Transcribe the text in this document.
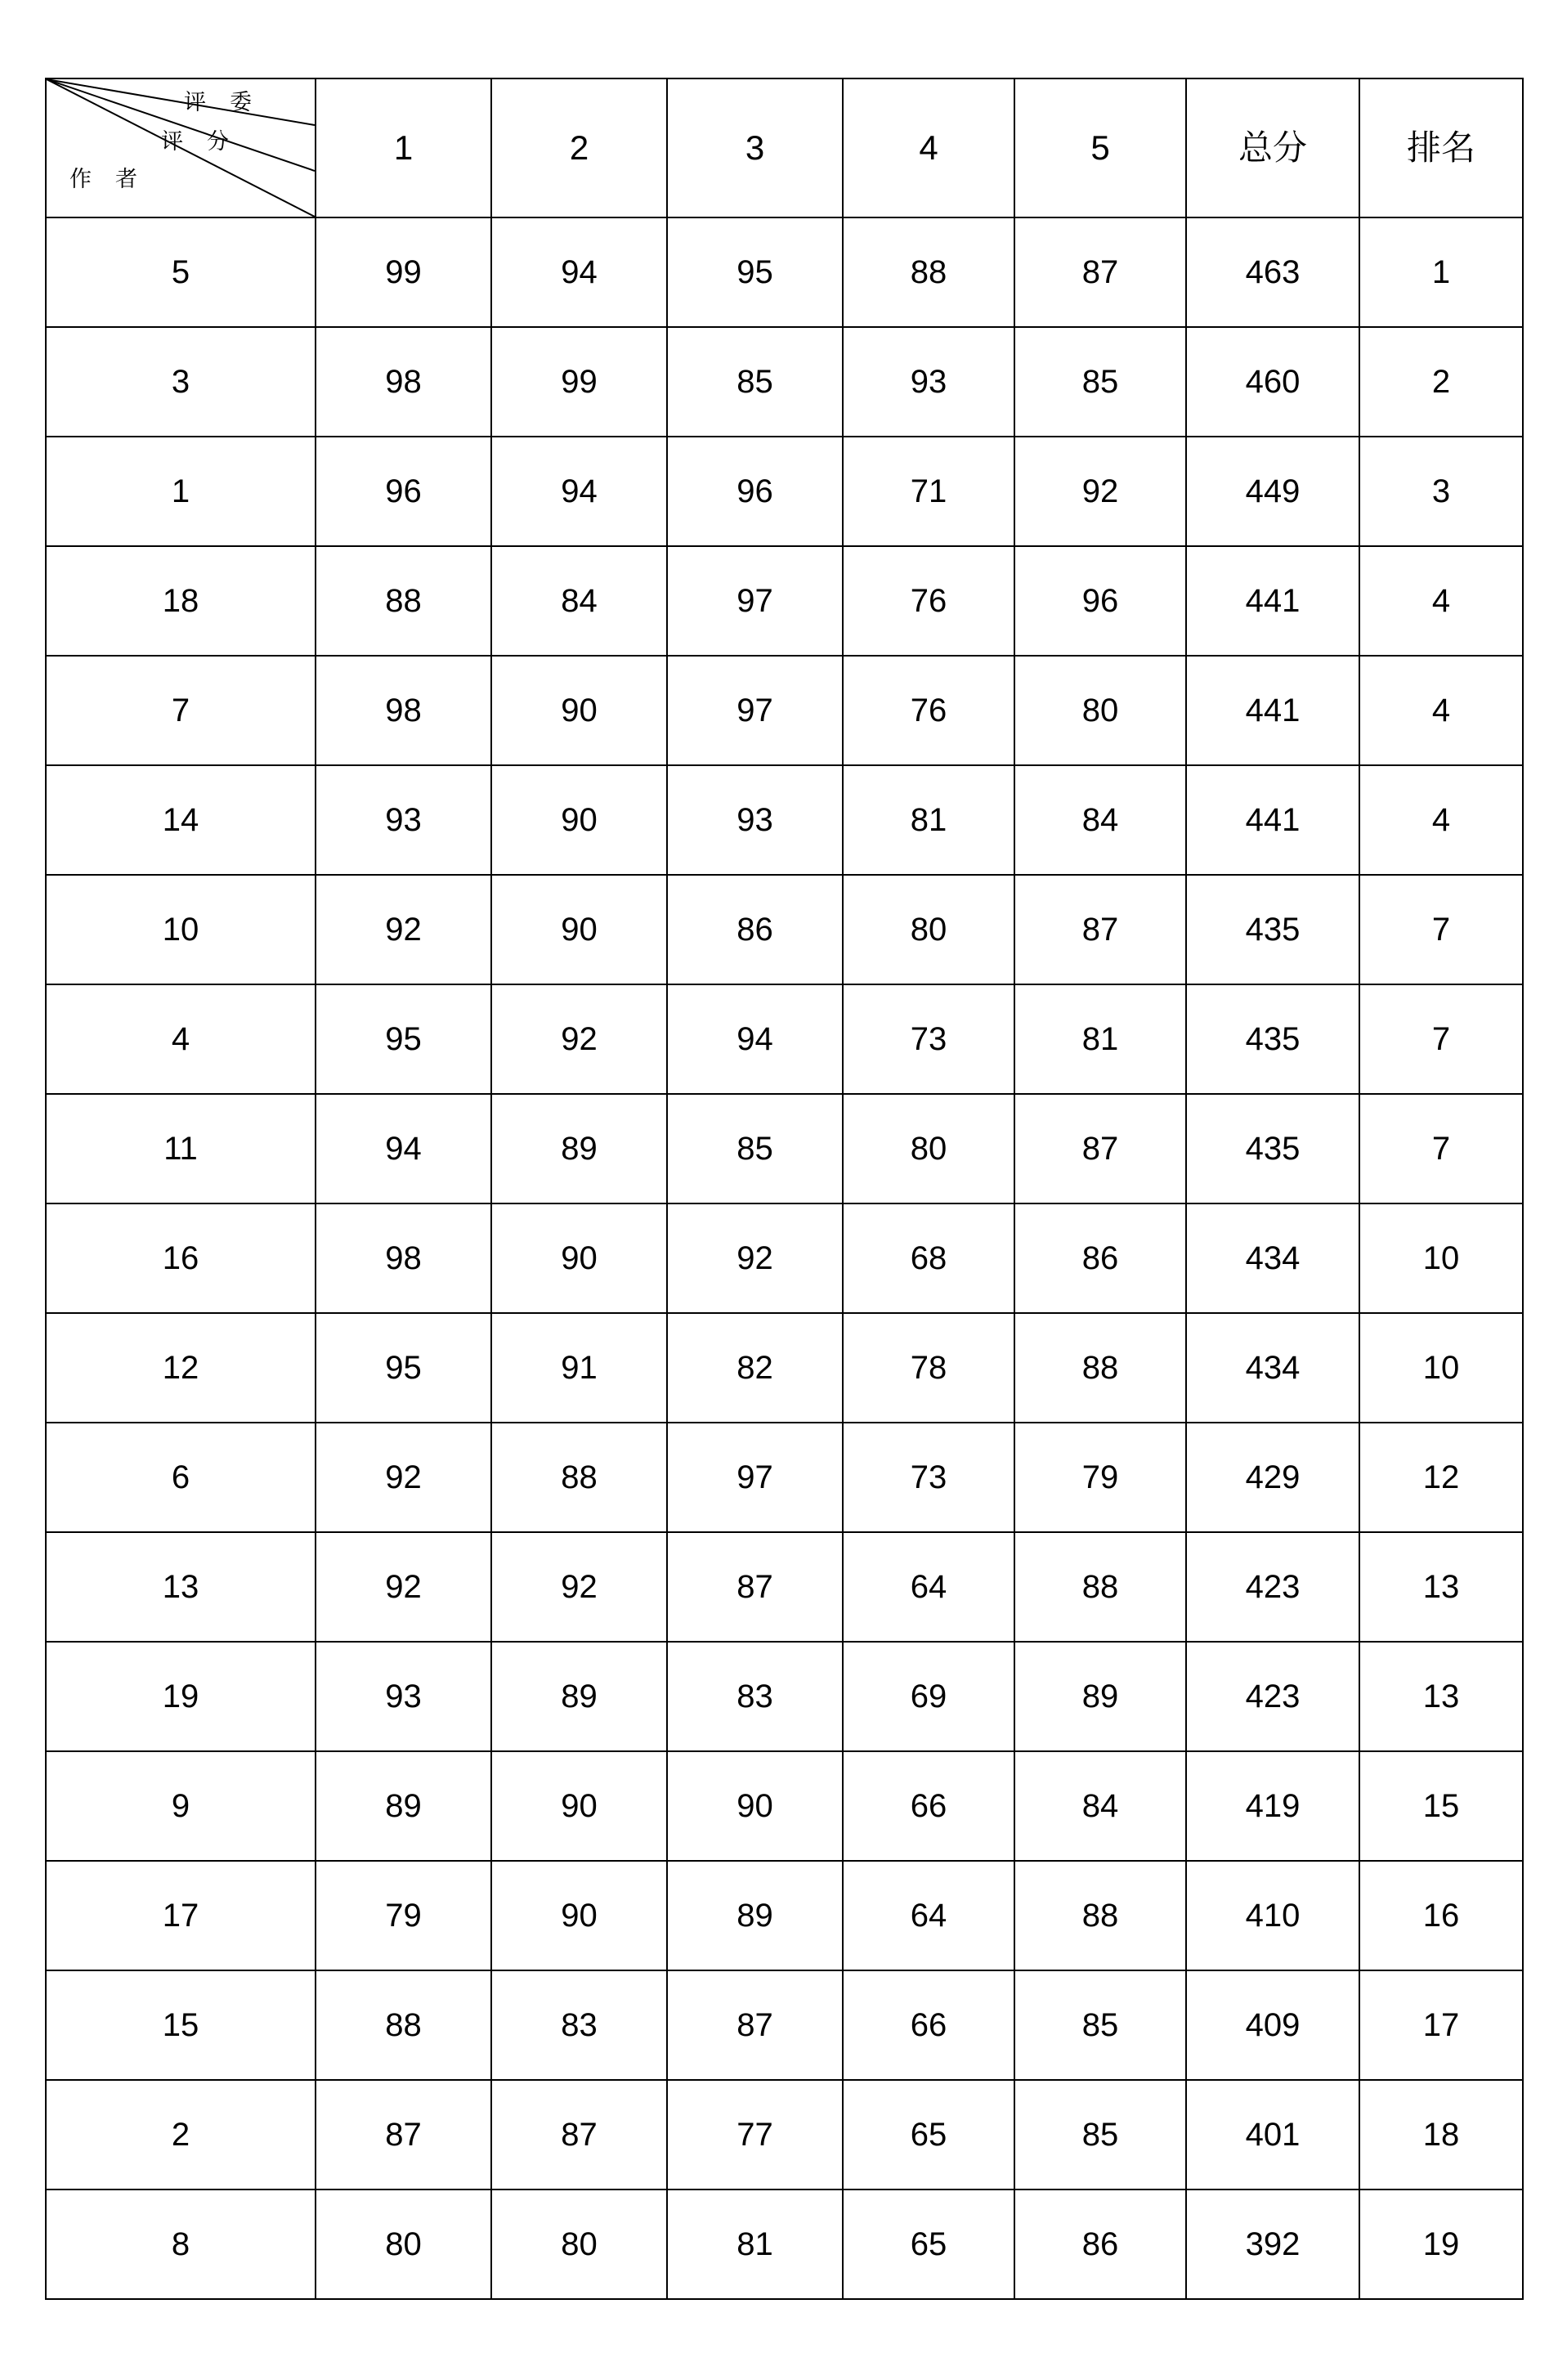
评　委
评　分
作　者	1	2	3	4	5	总分	排名
5	99	94	95	88	87	463	1
3	98	99	85	93	85	460	2
1	96	94	96	71	92	449	3
18	88	84	97	76	96	441	4
7	98	90	97	76	80	441	4
14	93	90	93	81	84	441	4
10	92	90	86	80	87	435	7
4	95	92	94	73	81	435	7
11	94	89	85	80	87	435	7
16	98	90	92	68	86	434	10
12	95	91	82	78	88	434	10
6	92	88	97	73	79	429	12
13	92	92	87	64	88	423	13
19	93	89	83	69	89	423	13
9	89	90	90	66	84	419	15
17	79	90	89	64	88	410	16
15	88	83	87	66	85	409	17
2	87	87	77	65	85	401	18
8	80	80	81	65	86	392	19
